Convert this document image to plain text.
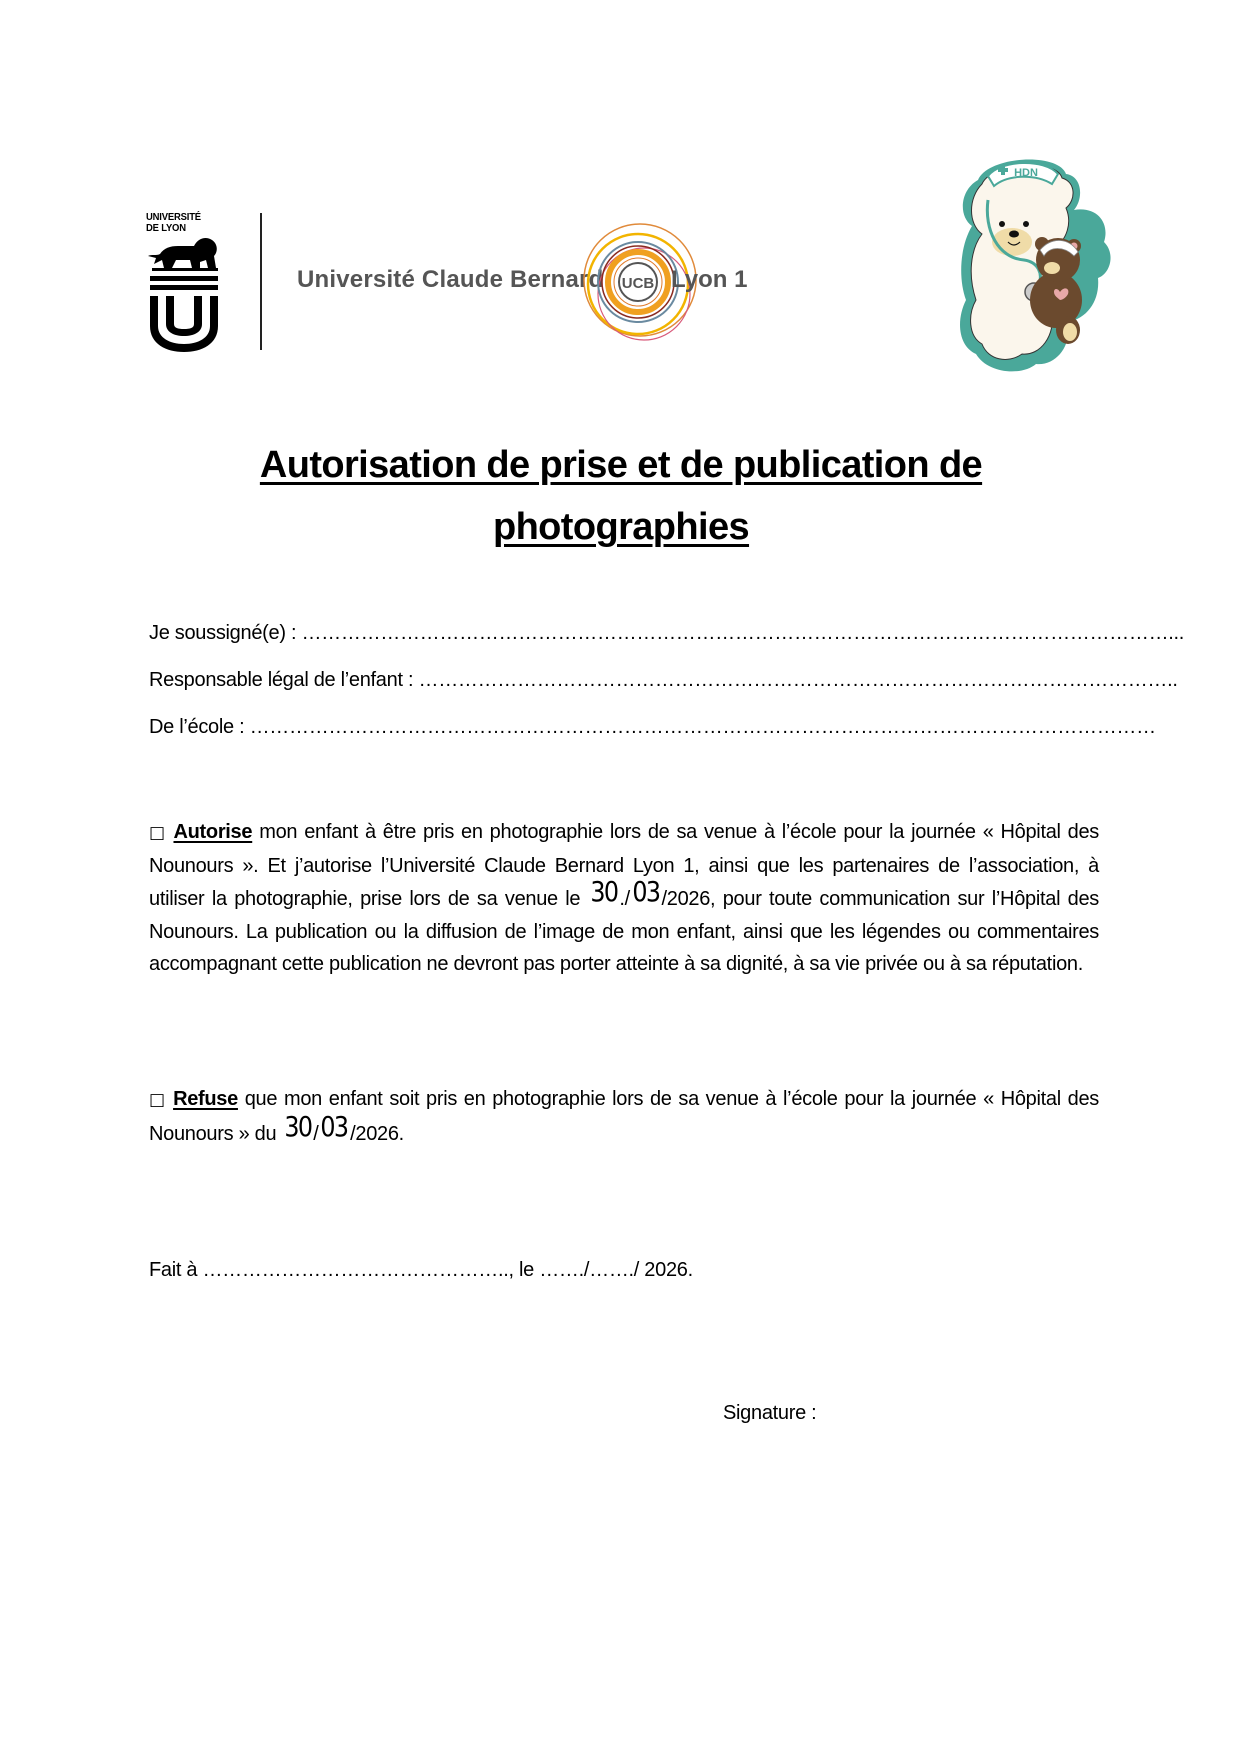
UNIVERSITÉ
DE LYON
Université Claude Bernard UCB Lyon 1
HDN
Autorisation de prise et de publication de
photographies
Je soussigné(e) : ……………………………………………………………………………………………………………………...
Responsable légal de l’enfant : ……………………………………………………………………………………………………..
De l’école : …………………………………………………………………………………………………………………………
□ Autorise mon enfant à être pris en photographie lors de sa venue à l’école pour la journée « Hôpital des Nounours ». Et j’autorise l’Université Claude Bernard Lyon 1, ainsi que les partenaires de l’association, à utiliser la photographie, prise lors de sa venue le 30 ./03 /2026, pour toute communication sur l’Hôpital des Nounours. La publication ou la diffusion de l’image de mon enfant, ainsi que les légendes ou commentaires accompagnant cette publication ne devront pas porter atteinte à sa dignité, à sa vie privée ou à sa réputation.
□ Refuse que mon enfant soit pris en photographie lors de sa venue à l’école pour la journée « Hôpital des Nounours » du 30 /03 /2026.
Fait à ……………………………………….., le ……./……./ 2026.
Signature :
